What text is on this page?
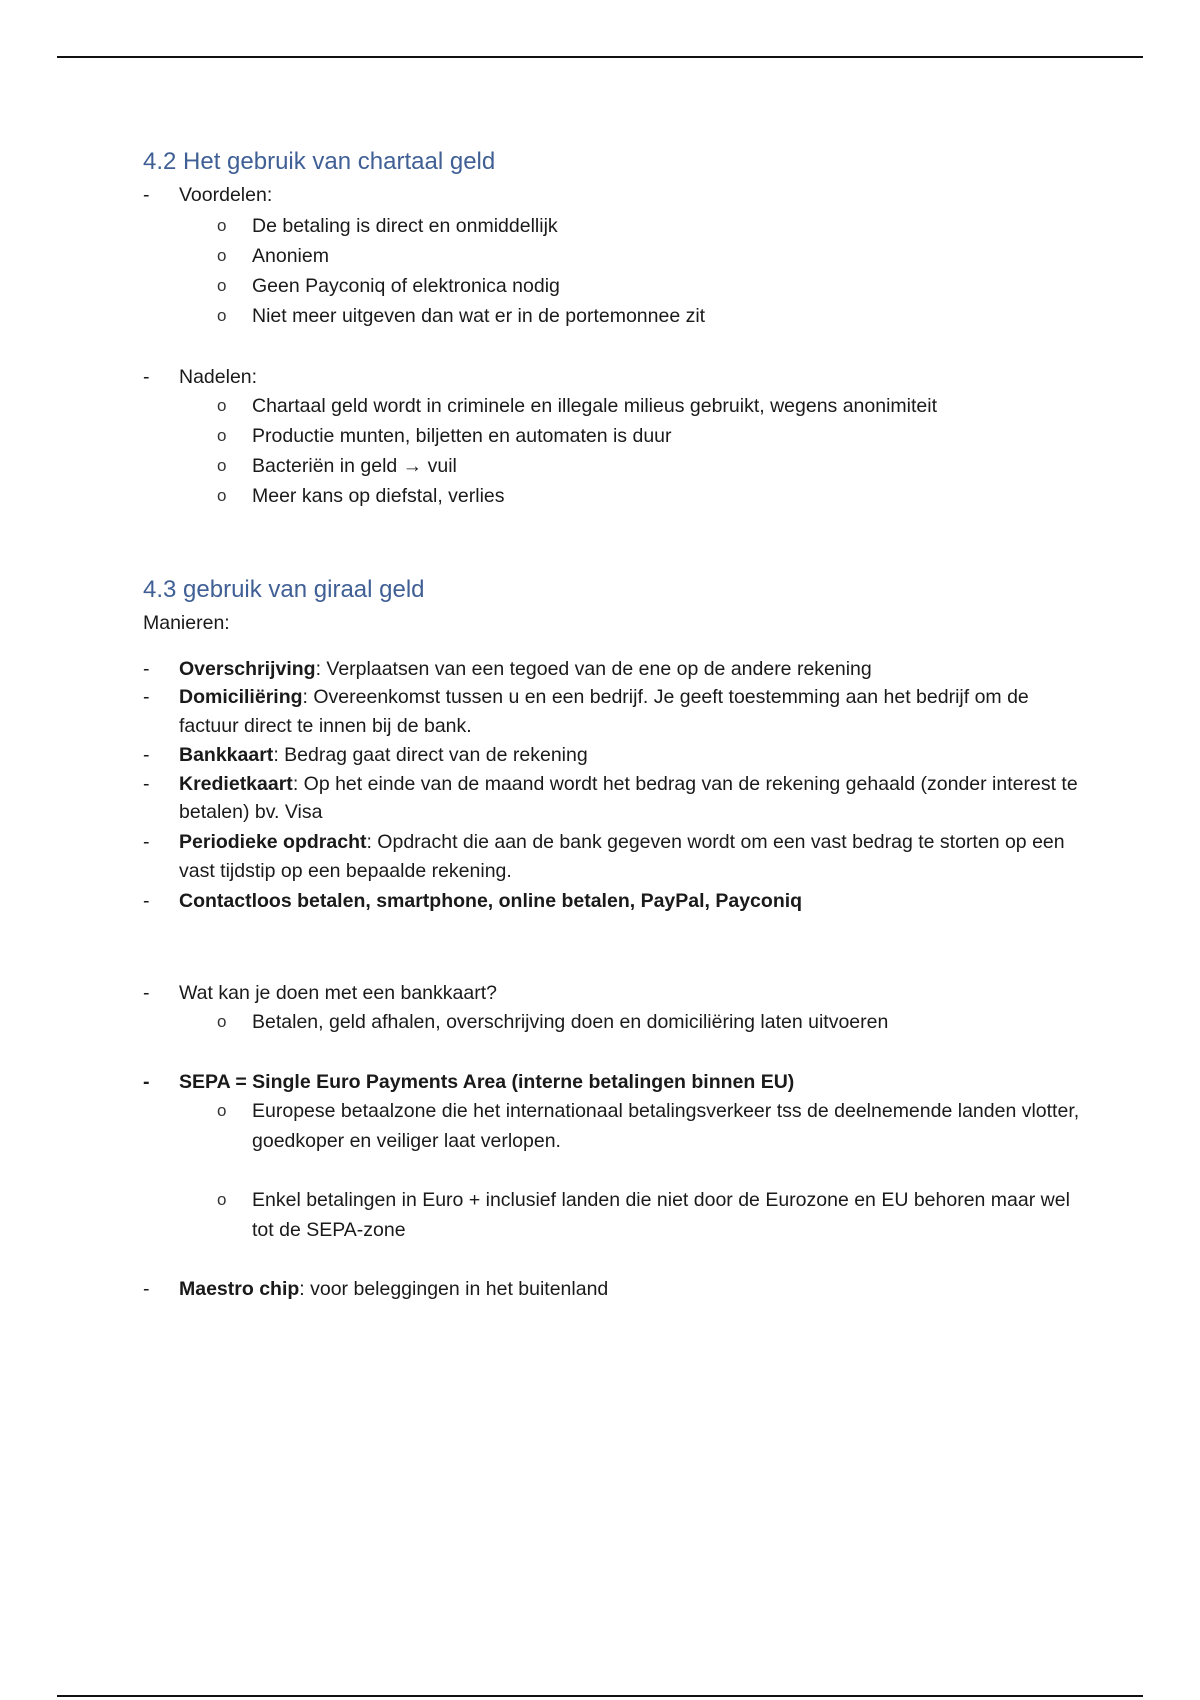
4.2 Het gebruik van chartaal geld
- Voordelen:
o De betaling is direct en onmiddellijk
o Anoniem
o Geen Payconiq of elektronica nodig
o Niet meer uitgeven dan wat er in de portemonnee zit
- Nadelen:
o Chartaal geld wordt in criminele en illegale milieus gebruikt, wegens anonimiteit
o Productie munten, biljetten en automaten is duur
o Bacteriën in geld → vuil
o Meer kans op diefstal, verlies
4.3 gebruik van giraal geld
Manieren:
- Overschrijving: Verplaatsen van een tegoed van de ene op de andere rekening
- Domiciliëring: Overeenkomst tussen u en een bedrijf. Je geeft toestemming aan het bedrijf om de
factuur direct te innen bij de bank.
- Bankkaart: Bedrag gaat direct van de rekening
- Kredietkaart: Op het einde van de maand wordt het bedrag van de rekening gehaald (zonder interest te
betalen) bv. Visa
- Periodieke opdracht: Opdracht die aan de bank gegeven wordt om een vast bedrag te storten op een
vast tijdstip op een bepaalde rekening.
- Contactloos betalen, smartphone, online betalen, PayPal, Payconiq
- Wat kan je doen met een bankkaart?
o Betalen, geld afhalen, overschrijving doen en domiciliëring laten uitvoeren
- SEPA = Single Euro Payments Area (interne betalingen binnen EU)
o Europese betaalzone die het internationaal betalingsverkeer tss de deelnemende landen vlotter,
goedkoper en veiliger laat verlopen.
o Enkel betalingen in Euro + inclusief landen die niet door de Eurozone en EU behoren maar wel
tot de SEPA-zone
- Maestro chip: voor beleggingen in het buitenland
